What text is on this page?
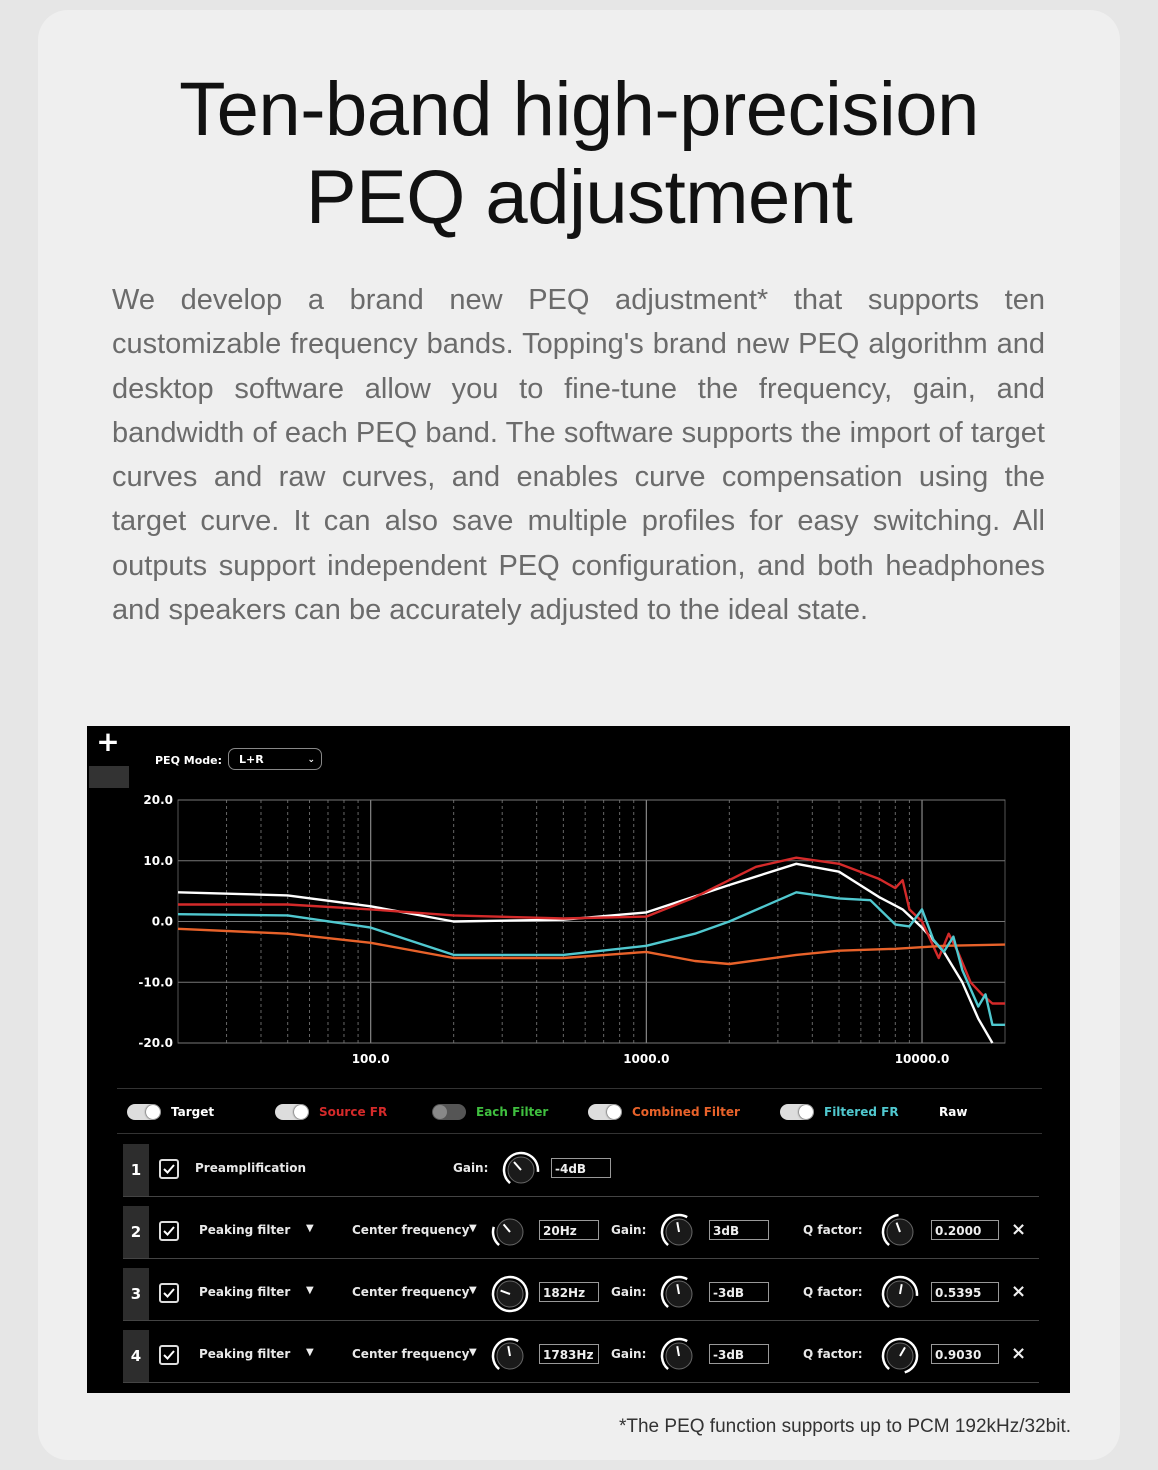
Ten-band high-precision
PEQ adjustment
We develop a brand new PEQ adjustment* that supports ten customizable frequency bands. Topping's brand new PEQ algorithm and desktop software allow you to fine-tune the frequency, gain, and bandwidth of each PEQ band. The software supports the import of target curves and raw curves, and enables curve compensation using the target curve. It can also save multiple profiles for easy switching. All outputs support independent PEQ configuration, and both headphones and speakers can be accurately adjusted to the ideal state.
+
PEQ Mode:	L+R	⌄
20.0
10.0
0.0
-10.0
-20.0
100.0	1000.0	10000.0
Target	Source FR	Each Filter	Combined Filter	Filtered FR	Raw
1	Preamplification	Gain:	-4dB
2	Peaking filter ▼	Center frequency ▼	20Hz	Gain:	3dB	Q factor:	0.2000	×
3	Peaking filter ▼	Center frequency ▼	182Hz	Gain:	-3dB	Q factor:	0.5395	×
4	Peaking filter ▼	Center frequency ▼	1783Hz	Gain:	-3dB	Q factor:	0.9030	×
*The PEQ function supports up to PCM 192kHz/32bit.
